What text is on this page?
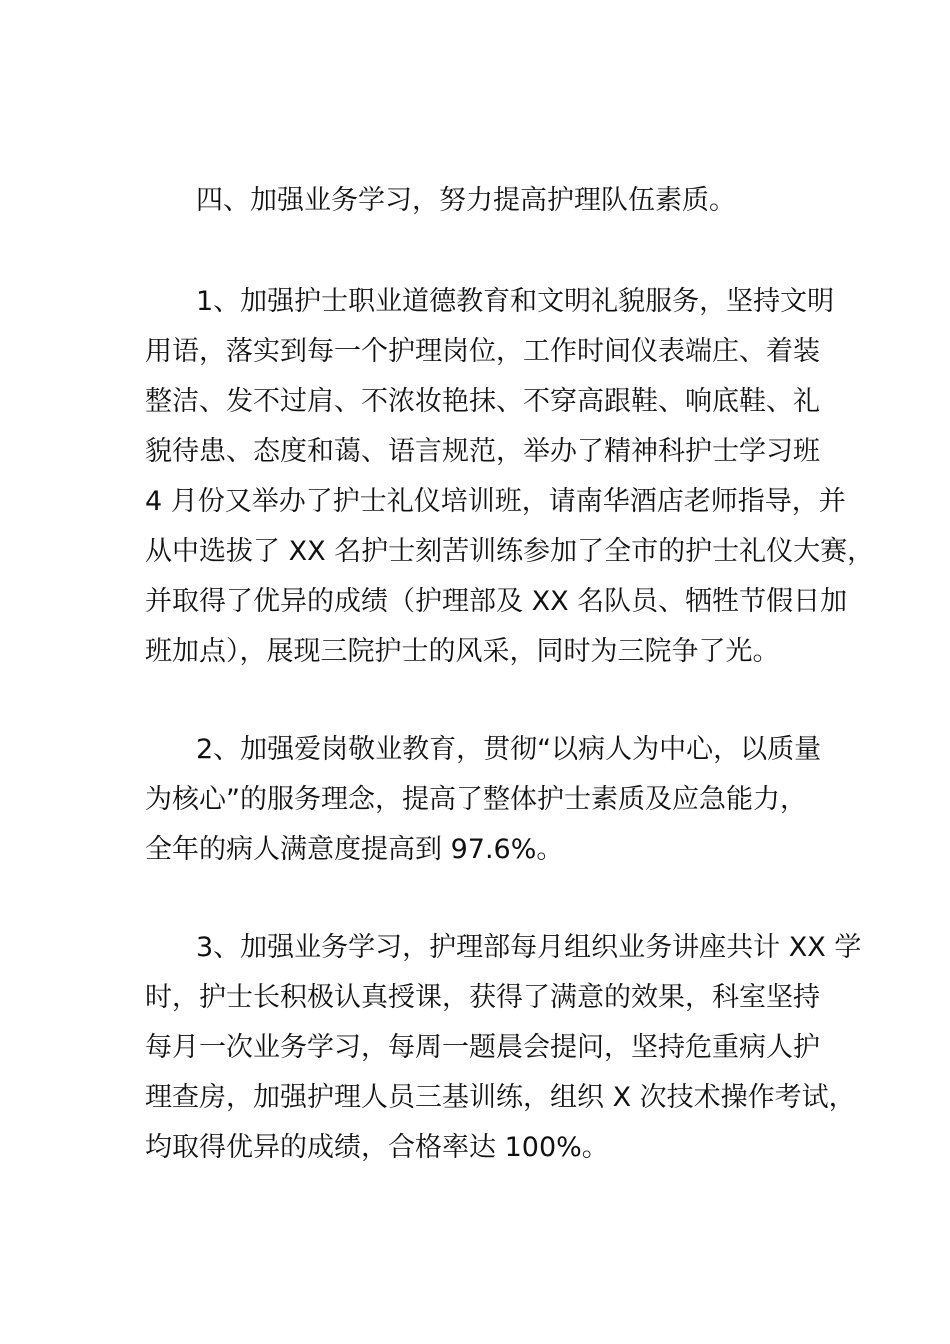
四、加强业务学习，努力提高护理队伍素质。
1、加强护士职业道德教育和文明礼貌服务，坚持文明
用语，落实到每一个护理岗位，工作时间仪表端庄、着装
整洁、发不过肩、不浓妆艳抹、不穿高跟鞋、响底鞋、礼
貌待患、态度和蔼、语言规范，举办了精神科护士学习班
4 月份又举办了护士礼仪培训班，请南华酒店老师指导，并
从中选拔了 XX 名护士刻苦训练参加了全市的护士礼仪大赛，
并取得了优异的成绩（护理部及 XX 名队员、牺牲节假日加
班加点），展现三院护士的风采，同时为三院争了光。
2、加强爱岗敬业教育，贯彻“以病人为中心，以质量
为核心”的服务理念，提高了整体护士素质及应急能力，
全年的病人满意度提高到 97.6%。
3、加强业务学习，护理部每月组织业务讲座共计 XX 学
时，护士长积极认真授课，获得了满意的效果，科室坚持
每月一次业务学习，每周一题晨会提问，坚持危重病人护
理查房，加强护理人员三基训练，组织 X 次技术操作考试，
均取得优异的成绩，合格率达 100%。
